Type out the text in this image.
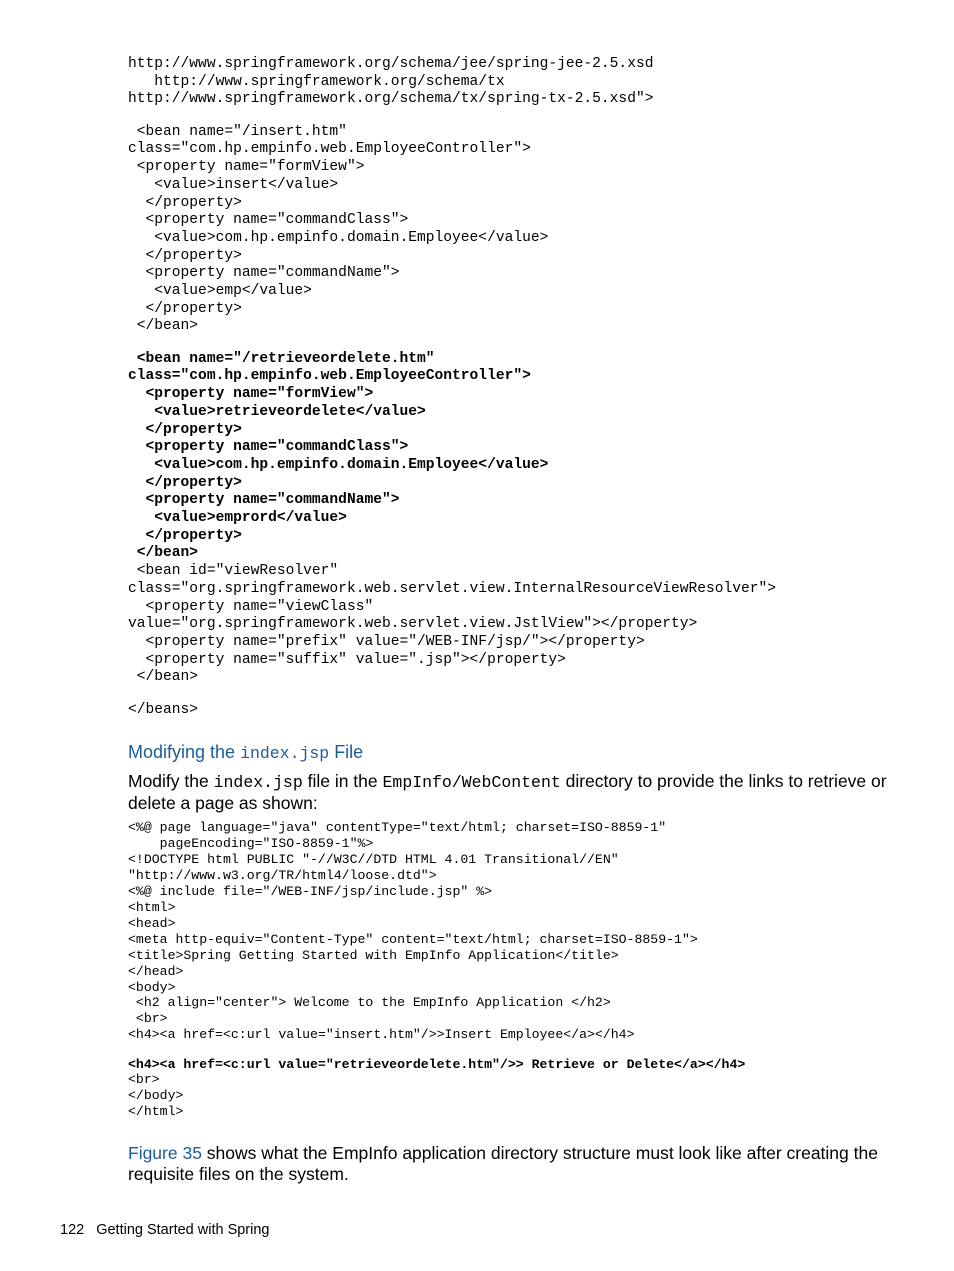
http://www.springframework.org/schema/jee/spring-jee-2.5.xsd
http://www.springframework.org/schema/tx
http://www.springframework.org/schema/tx/spring-tx-2.5.xsd">
<bean name="/insert.htm"
class="com.hp.empinfo.web.EmployeeController">
<property name="formView">
<value>insert</value>
</property>
<property name="commandClass">
<value>com.hp.empinfo.domain.Employee</value>
</property>
<property name="commandName">
<value>emp</value>
</property>
</bean>
<bean name="/retrieveordelete.htm"
class="com.hp.empinfo.web.EmployeeController">
<property name="formView">
<value>retrieveordelete</value>
</property>
<property name="commandClass">
<value>com.hp.empinfo.domain.Employee</value>
</property>
<property name="commandName">
<value>emprord</value>
</property>
</bean>
<bean id="viewResolver"
class="org.springframework.web.servlet.view.InternalResourceViewResolver">
<property name="viewClass"
value="org.springframework.web.servlet.view.JstlView"></property>
<property name="prefix" value="/WEB-INF/jsp/"></property>
<property name="suffix" value=".jsp"></property>
</bean>
</beans>
Modifying the index.jsp File

Modify the index.jsp file in the EmpInfo/WebContent directory to provide the links to retrieve or delete a page as shown:

<%@ page language="java" contentType="text/html; charset=ISO-8859-1"
pageEncoding="ISO-8859-1"%>
<!DOCTYPE html PUBLIC "-//W3C//DTD HTML 4.01 Transitional//EN"
"http://www.w3.org/TR/html4/loose.dtd">
<%@ include file="/WEB-INF/jsp/include.jsp" %>
<html>
<head>
<meta http-equiv="Content-Type" content="text/html; charset=ISO-8859-1">
<title>Spring Getting Started with EmpInfo Application</title>
</head>
<body>
<h2 align="center"> Welcome to the EmpInfo Application </h2>
<br>
<h4><a href=<c:url value="insert.htm"/>>Insert Employee</a></h4>
<h4><a href=<c:url value="retrieveordelete.htm"/>> Retrieve or Delete</a></h4>
<br>
</body>
</html>

Figure 35 shows what the EmpInfo application directory structure must look like after creating the requisite files on the system.

122 Getting Started with Spring
